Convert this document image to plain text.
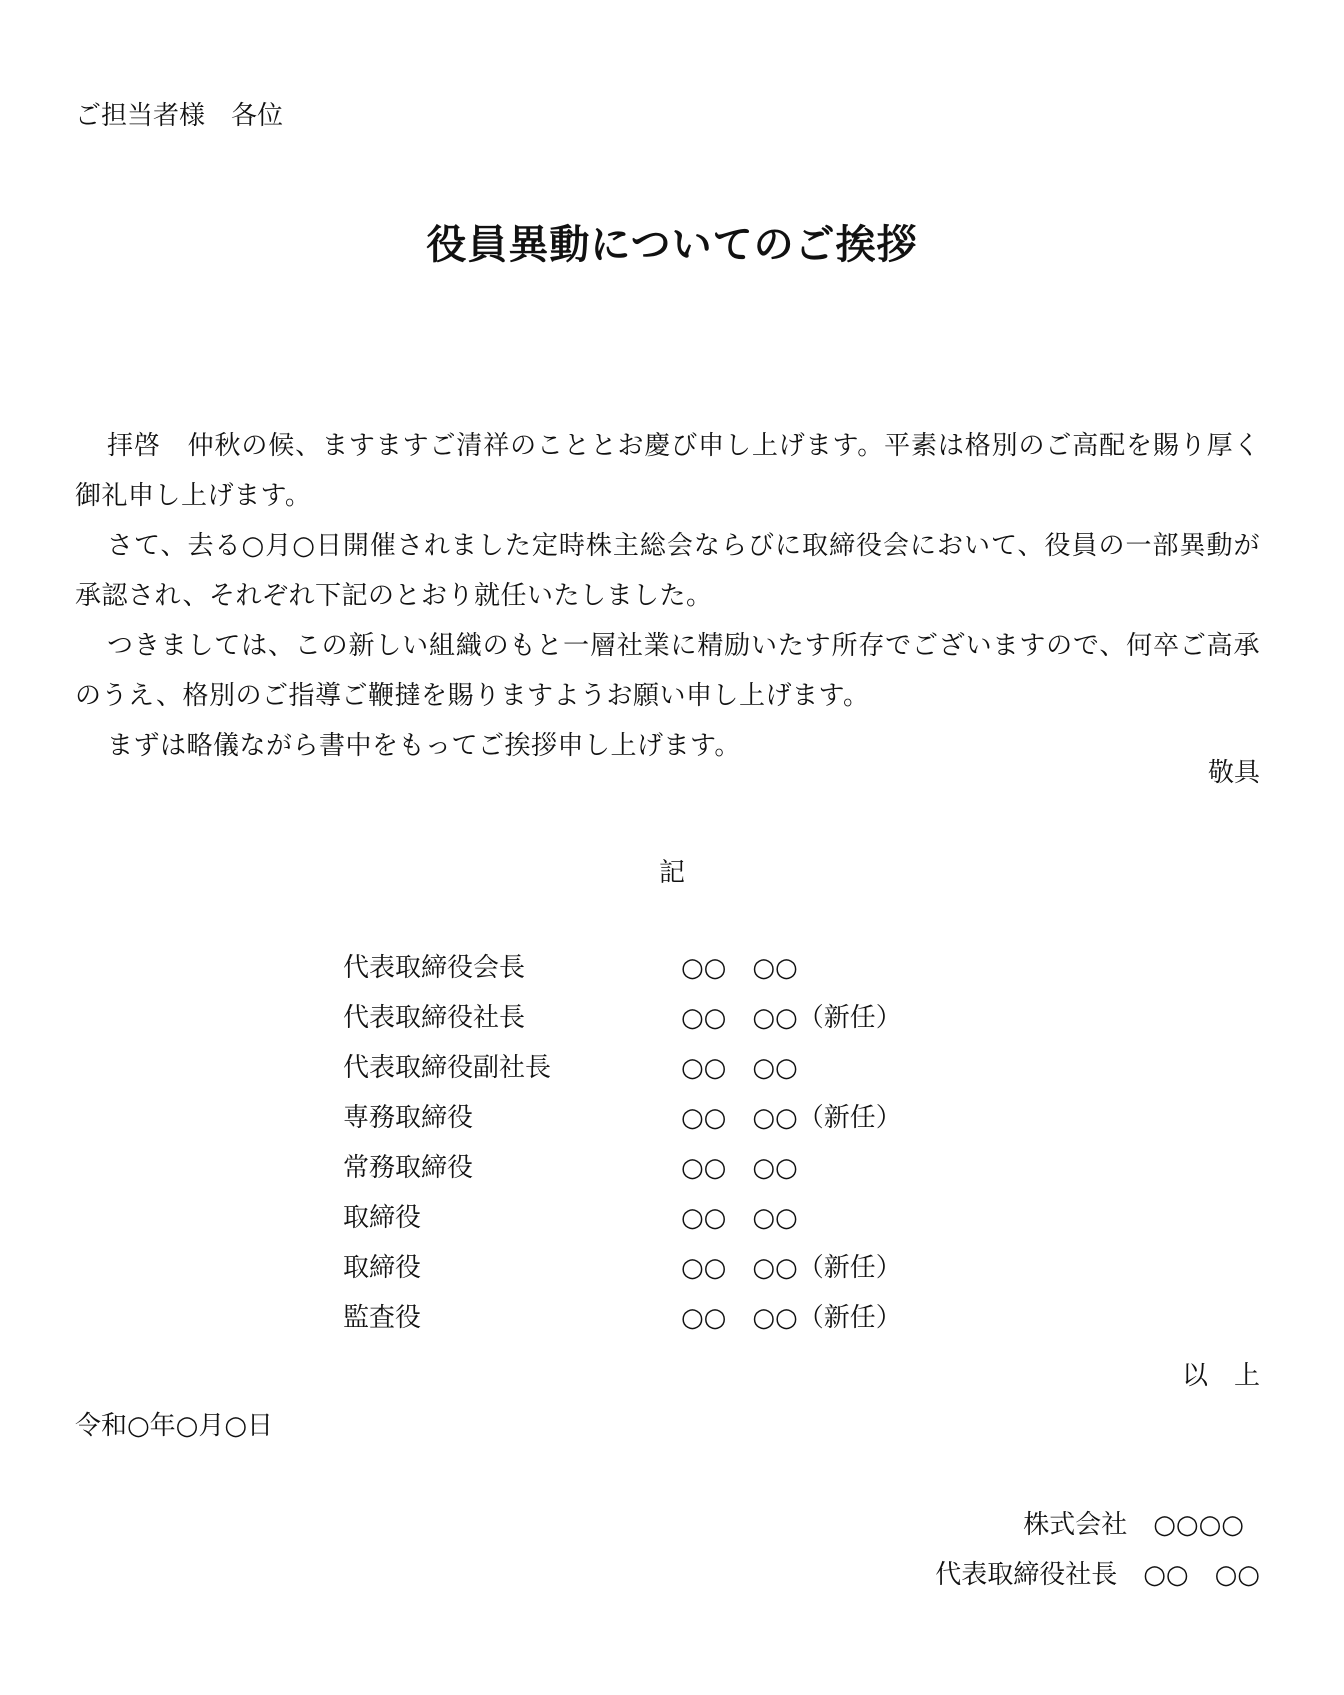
ご担当者様　各位
役員異動についてのご挨拶

拝啓　仲秋の候、ますますご清祥のこととお慶び申し上げます。平素は格別のご高配を賜り厚く御礼申し上げます。

さて、去る○月○日開催されました定時株主総会ならびに取締役会において、役員の一部異動が承認され、それぞれ下記のとおり就任いたしました。

つきましては、この新しい組織のもと一層社業に精励いたす所存でございますので、何卒ご高承のうえ、格別のご指導ご鞭撻を賜りますようお願い申し上げます。

まずは略儀ながら書中をもってご挨拶申し上げます。

敬具
記
代表取締役会長	○○　○○
代表取締役社長	○○　○○（新任）
代表取締役副社長	○○　○○
専務取締役	○○　○○（新任）
常務取締役	○○　○○
取締役	○○　○○
取締役	○○　○○（新任）
監査役	○○　○○（新任）
以　上
令和○年○月○日
株式会社　○○○○
代表取締役社長　○○　○○
